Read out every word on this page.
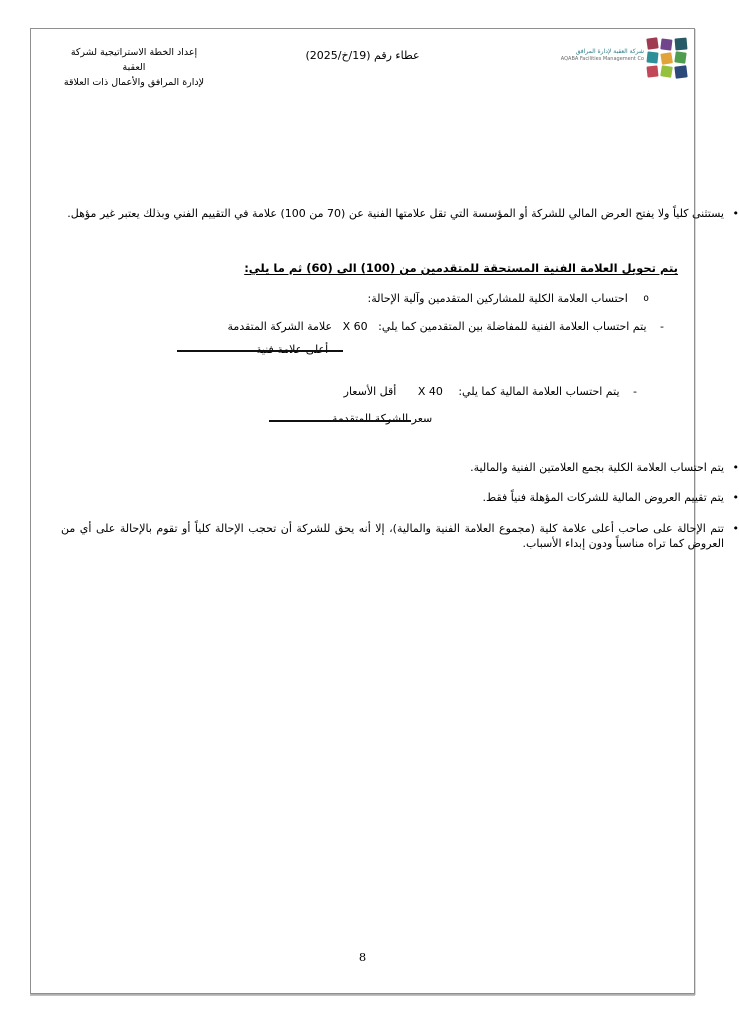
إعداد الخطة الاستراتيجية لشركة العقبة
لإدارة المرافق والأعمال ذات العلاقة
عطاء رقم (19/خ/2025)	شركة العقبة لإدارة المرافق
AQABA Facilities Management Co
•
يستثنى كلياً ولا يفتح العرض المالي للشركة أو المؤسسة التي تقل علامتها الفنية عن (70 من 100) علامة في التقييم الفني وبذلك يعتبر غير مؤهل.
يتم تحويل العلامة الفنية المستحقة للمتقدمين من (100) الى (60) ثم ما يلي:
o احتساب العلامة الكلية للمشاركين المتقدمين وآلية الإحالة:
- يتم احتساب العلامة الفنية للمفاضلة بين المتقدمين كما يلي: X 60 علامة الشركة المتقدمة
أعلى علامة فنية
- يتم احتساب العلامة المالية كما يلي: X 40 أقل الأسعار
سعر الشركة المتقدمة
•
يتم احتساب العلامة الكلية بجمع العلامتين الفنية والمالية.
•
يتم تقييم العروض المالية للشركات المؤهلة فنياً فقط.
•
تتم الإحالة على صاحب أعلى علامة كلية (مجموع العلامة الفنية والمالية)، إلا أنه يحق للشركة أن تحجب الإحالة كلياً أو تقوم بالإحالة على أي من العروض كما تراه مناسباً ودون إبداء الأسباب.
8
